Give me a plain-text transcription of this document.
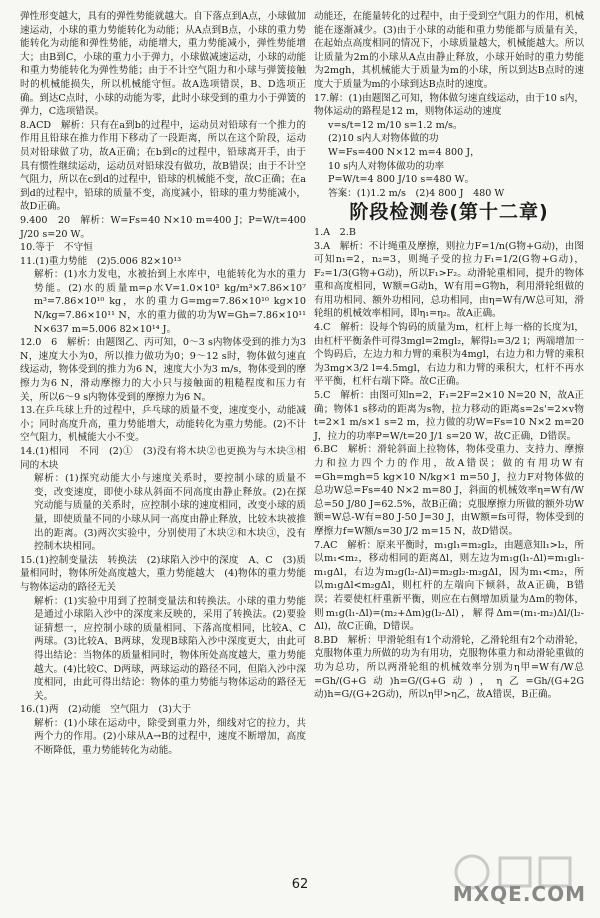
弹性形变越大，具有的弹性势能就越大。自下落点到A点，小球做加速运动，小球的重力势能转化为动能；从A点到B点，小球的重力势能转化为动能和弹性势能，动能增大，重力势能减小，弹性势能增大；由B到C，小球的重力小于弹力，小球做减速运动，小球的动能和重力势能转化为弹性势能；由于不计空气阻力和小球与弹簧接触时的机械能损失，所以机械能守恒。故A选项错误，B、D选项正确。到达C点时，小球的动能为零，此时小球受到的重力小于弹簧的弹力，C选项错误。

8.ACD　解析：只有在a到b的过程中，运动员对铅球有一个推力的作用且铅球在推力作用下移动了一段距离，所以在这个阶段，运动员对铅球做了功，故A正确；在b到c的过程中，铅球离开手，由于具有惯性继续运动，运动员对铅球没有做功，故B错误；由于不计空气阻力，所以在c到d的过程中，铅球的机械能不变，故C正确；在a到d的过程中，铅球的质量不变，高度减小，铅球的重力势能减小，故D正确。

9.400　20　解析：W=Fs=40 N×10 m=400 J；P=W/t=400 J/20 s=20 W。

10.等于　不守恒

11.(1)重力势能　(2)5.006 82×10¹³

解析：(1)水力发电，水被抬到上水库中，电能转化为水的重力势能。(2)水的质量m=ρ水V=1.0×10³ kg/m³×7.86×10⁷ m³=7.86×10¹⁰ kg，水的重力G=mg=7.86×10¹⁰ kg×10 N/kg=7.86×10¹¹ N，水的重力做的功为W=Gh=7.86×10¹¹ N×637 m=5.006 82×10¹⁴ J。

12.0　6　解析：由题图乙、丙可知，0～3 s内物体受到的推力为3 N，速度大小为0，所以推力做功为0；9～12 s时，物体做匀速直线运动，物体受到的推力为6 N，速度大小为3 m/s，物体受到的摩擦力为6 N，滑动摩擦力的大小只与接触面的粗糙程度和压力有关，所以6～9 s内物体受到的摩擦力为6 N。

13.在乒乓球上升的过程中，乒乓球的质量不变，速度变小，动能减小；同时高度升高，重力势能增大，动能转化为重力势能。(2)不计空气阻力，机械能大小不变。

14.(1)相同　不同　(2)①　(3)没有将木块②也更换为与木块③相同的木块

解析：(1)探究动能大小与速度关系时，要控制小球的质量不变，改变速度，即使小球从斜面不同高度由静止释放。(2)在探究动能与质量的关系时，应控制小球的速度相同，改变小球的质量，即使质量不同的小球从同一高度由静止释放，比较木块被推出的距离。(3)两次实验中，分别使用了木块②和木块③，没有控制木块相同。

15.(1)控制变量法　转换法　(2)球陷入沙中的深度　A、C　(3)质量相同时，物体所处高度越大，重力势能越大　(4)物体的重力势能与物体运动的路径无关

解析：(1)实验中用到了控制变量法和转换法。小球的重力势能是通过小球陷入沙中的深度来反映的，采用了转换法。(2)要验证猜想一，应控制小球的质量相同、下落高度相同，比较A、C两球。(3)比较A、B两球，发现B球陷入沙中深度更大，由此可得出结论：当物体的质量相同时，物体所处高度越大，重力势能越大。(4)比较C、D两球，两球运动的路径不同，但陷入沙中深度相同，由此可得出结论：物体的重力势能与物体运动的路径无关。

16.(1)两　(2)动能　空气阻力　(3)大于

解析：(1)小球在运动中，除受到重力外，细线对它的拉力，共两个力的作用。(2)小球从A→B的过程中，速度不断增加，高度不断降低，重力势能转化为动能。

动能还，在能量转化的过程中，由于受到空气阻力的作用，机械能在逐渐减少。(3)由于小球的动能和重力势能都与质量有关，在起始点高度相同的情况下，小球质量越大，机械能越大。所以让质量为2m的小球从A点由静止释放，小球开始时的重力势能为2mgh，其机械能大于质量为m的小球，所以到达B点时的速度大于质量为m的小球到达B点时的速度。

17.解：(1)由题图乙可知，物体做匀速直线运动，由于10 s内，物体运动的路程是12 m，则物体运动的速度

v=s/t=12 m/10 s=1.2 m/s。

(2)10 s内人对物体做的功

W=Fs=400 N×12 m=4 800 J，

10 s内人对物体做功的功率

P=W/t=4 800 J/10 s=480 W。

答案：(1)1.2 m/s　(2)4 800 J　480 W

阶段检测卷(第十二章)

1.A　2.B

3.A　解析：不计绳重及摩擦，则拉力F=1/n(G物+G动)，由图可知n₁=2，n₂=3，则绳子受的拉力F₁=1/2(G物+G动)，F₂=1/3(G物+G动)，所以F₁>F₂。动滑轮重相同，提升的物体重和高度相同，W额=G动h，W有用=G物h，利用滑轮组做的有用功相同、额外功相同，总功相同，由η=W有/W总可知，滑轮组的机械效率相同，即η₁=η₂。故A正确。

4.C　解析：设每个钩码的质量为m，杠杆上每一格的长度为l，由杠杆平衡条件可得3mgl=2mgl₂，解得l₂=3/2 l；两端增加一个钩码后，左边力和力臂的乘积为4mgl，右边力和力臂的乘积为3mg×3/2 l=4.5mgl，右边力和力臂的乘积大，杠杆不再水平平衡，杠杆右端下降。故C正确。

5.C　解析：由图可知n=2，F₁=2F=2×10 N=20 N，故A正确；物体1 s移动的距离为s物，拉力移动的距离s=2s'=2×v物t=2×1 m/s×1 s=2 m，拉力做的功W=Fs=10 N×2 m=20 J，拉力的功率P=W/t=20 J/1 s=20 W，故C正确，D错误。

6.BC　解析：滑轮斜面上拉物体，物体受重力、支持力、摩擦力和拉力四个力的作用，故A错误；做的有用功W有=Gh=mgh=5 kg×10 N/kg×1 m=50 J，拉力F对物体做的总功W总=Fs=40 N×2 m=80 J，斜面的机械效率η=W有/W总=50 J/80 J=62.5%，故B正确；克服摩擦力所做的额外功W额=W总-W有=80 J-50 J=30 J，由W额=fs可得，物体受到的摩擦力f=W额/s=30 J/2 m=15 N，故D错误。

7.AC　解析：原来平衡时，m₁gl₁=m₂gl₂，由题意知l₁>l₂，所以m₁<m₂，移动相同的距离Δl，则左边为m₁g(l₁-Δl)=m₁gl₁-m₁gΔl，右边为m₂g(l₂-Δl)=m₂gl₂-m₂gΔl，因为m₁<m₂，所以m₁gΔl<m₂gΔl，则杠杆的左端向下倾斜，故A正确，B错误；若要使杠杆重新平衡，则应在右侧增加质量为Δm的物体，则m₁g(l₁-Δl)=(m₂+Δm)g(l₂-Δl)，解得Δm=(m₁-m₂)Δl/(l₂-Δl)，故C正确，D错误。

8.BD　解析：甲滑轮组有1个动滑轮，乙滑轮组有2个动滑轮，克服物体重力所做的功为有用功，克服物体重力和动滑轮重做的功为总功，所以两滑轮组的机械效率分别为η甲=W有/W总=Gh/(G+G动)h=G/(G+G动)，η乙=Gh/(G+2G动)h=G/(G+2G动)，所以η甲>η乙，故A错误，B正确。

62	MXQE.COM
